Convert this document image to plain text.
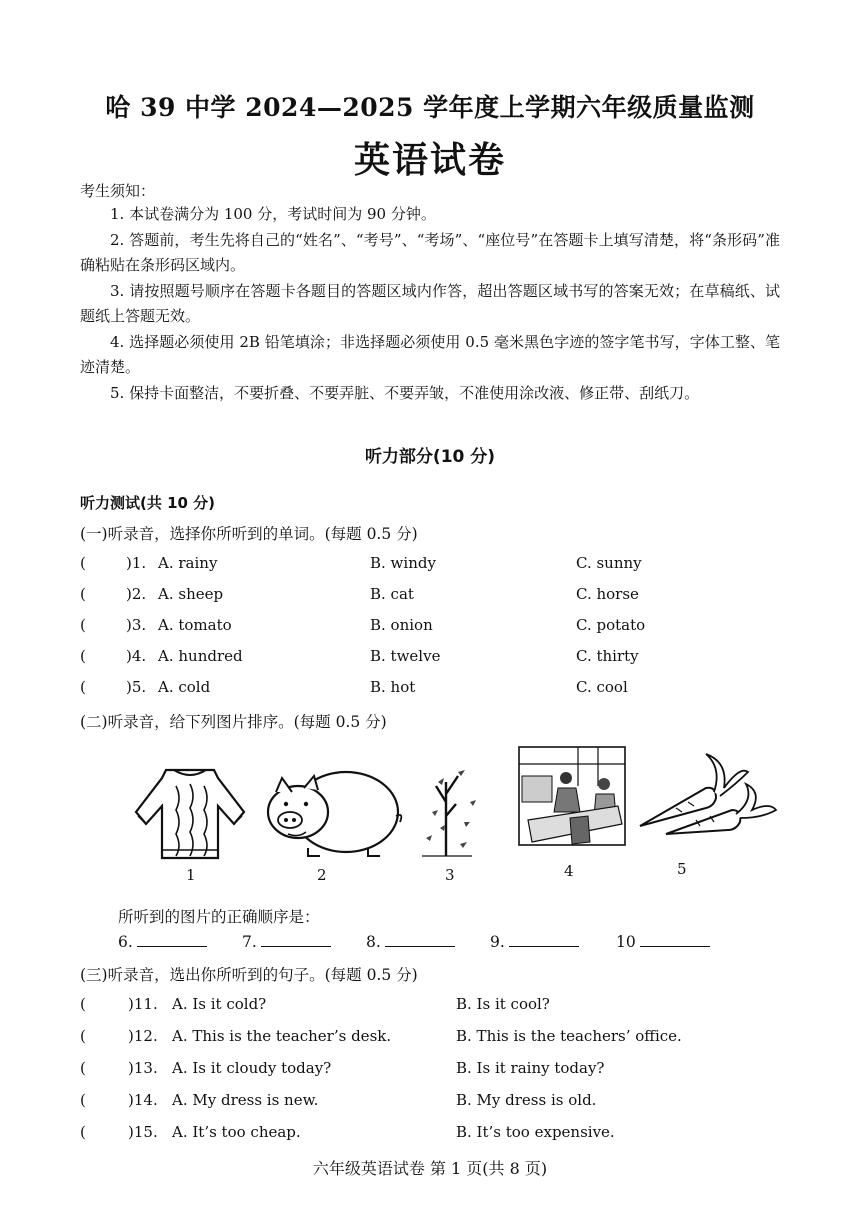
哈 39 中学 2024—2025 学年度上学期六年级质量监测
英语试卷
考生须知：

1. 本试卷满分为 100 分，考试时间为 90 分钟。

2. 答题前，考生先将自己的“姓名”、“考号”、“考场”、“座位号”在答题卡上填写清楚，将“条形码”准确粘贴在条形码区域内。

3. 请按照题号顺序在答题卡各题目的答题区域内作答，超出答题区域书写的答案无效；在草稿纸、试题纸上答题无效。

4. 选择题必须使用 2B 铅笔填涂；非选择题必须使用 0.5 毫米黑色字迹的签字笔书写，字体工整、笔迹清楚。

5. 保持卡面整洁，不要折叠、不要弄脏、不要弄皱，不准使用涂改液、修正带、刮纸刀。

听力部分(10 分)
听力测试(共 10 分)
(一)听录音，选择你所听到的单词。(每题 0.5 分)
(	)1. A. rainy	B. windy	C. sunny
(	)2. A. sheep	B. cat	C. horse
(	)3. A. tomato	B. onion	C. potato
(	)4. A. hundred	B. twelve	C. thirty
(	)5. A. cold	B. hot	C. cool
(二)听录音，给下列图片排序。(每题 0.5 分)
1	2	3	4	5
所听到的图片的正确顺序是：
6.	7.	8.	9.	10
(三)听录音，选出你所听到的句子。(每题 0.5 分)
(	)11. A. Is it cold?	B. Is it cool?
(	)12. A. This is the teacher’s desk.	B. This is the teachers’ office.
(	)13. A. Is it cloudy today?	B. Is it rainy today?
(	)14. A. My dress is new.	B. My dress is old.
(	)15. A. It’s too cheap.	B. It’s too expensive.
六年级英语试卷 第 1 页(共 8 页)
